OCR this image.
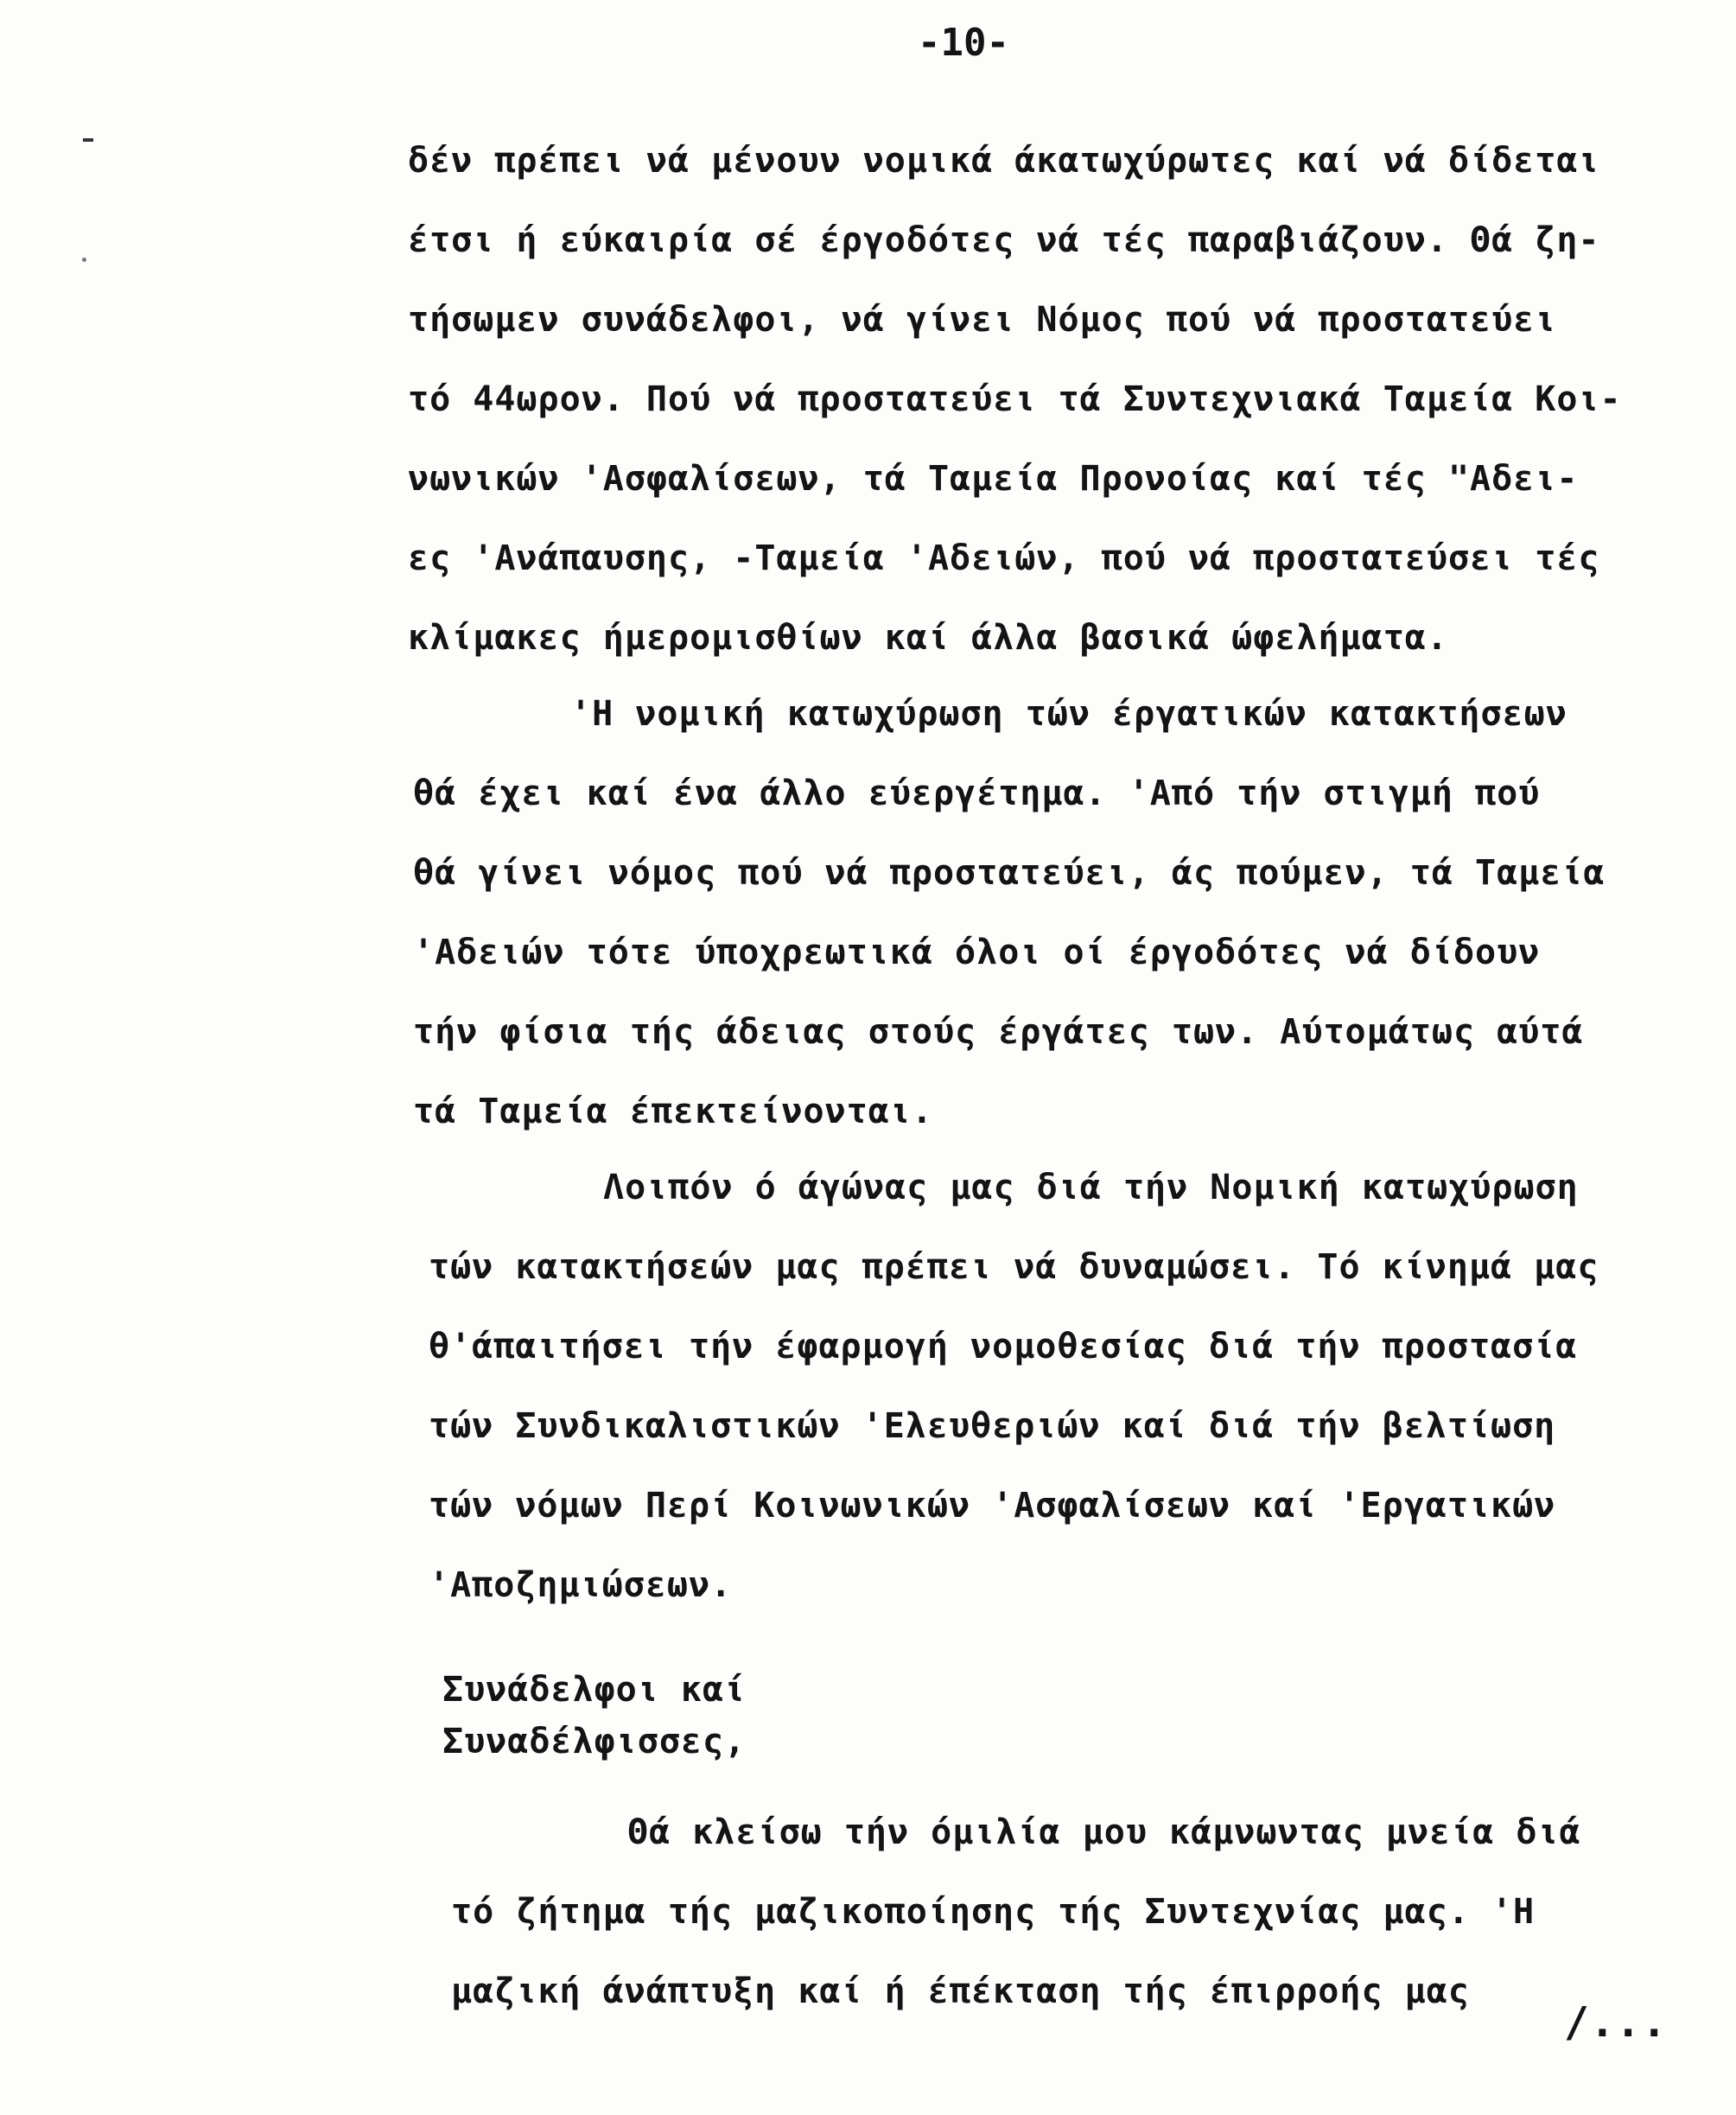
-10-
δέν πρέπει νά μένουν νομικά άκατωχύρωτες καί νά δίδεται
έτσι ή εύκαιρία σέ έργοδότες νά τές παραβιάζουν. Θά ζη-
τήσωμεν συνάδελφοι, νά γίνει Νόμος πού νά προστατεύει
τό 44ωρον. Πού νά προστατεύει τά Συντεχνιακά Ταμεία Κοι-
νωνικών 'Ασφαλίσεων, τά Ταμεία Προνοίας καί τές "Αδει-
ες 'Ανάπαυσης, -Ταμεία 'Αδειών, πού νά προστατεύσει τές
κλίμακες ήμερομισθίων καί άλλα βασικά ώφελήματα.
'Η νομική κατωχύρωση τών έργατικών κατακτήσεων
θά έχει καί ένα άλλο εύεργέτημα. 'Από τήν στιγμή πού
θά γίνει νόμος πού νά προστατεύει, άς πούμεν, τά Ταμεία
'Αδειών τότε ύποχρεωτικά όλοι οί έργοδότες νά δίδουν
τήν φίσια τής άδειας στούς έργάτες των. Αύτομάτως αύτά
τά Ταμεία έπεκτείνονται.
Λοιπόν ό άγώνας μας διά τήν Νομική κατωχύρωση
τών κατακτήσεών μας πρέπει νά δυναμώσει. Τό κίνημά μας
θ'άπαιτήσει τήν έφαρμογή νομοθεσίας διά τήν προστασία
τών Συνδικαλιστικών 'Ελευθεριών καί διά τήν βελτίωση
τών νόμων Περί Κοινωνικών 'Ασφαλίσεων καί 'Εργατικών
'Αποζημιώσεων.
Συνάδελφοι καί
Συναδέλφισσες,
Θά κλείσω τήν όμιλία μου κάμνωντας μνεία διά
τό ζήτημα τής μαζικοποίησης τής Συντεχνίας μας. 'Η
μαζική άνάπτυξη καί ή έπέκταση τής έπιρροής μας
/...
